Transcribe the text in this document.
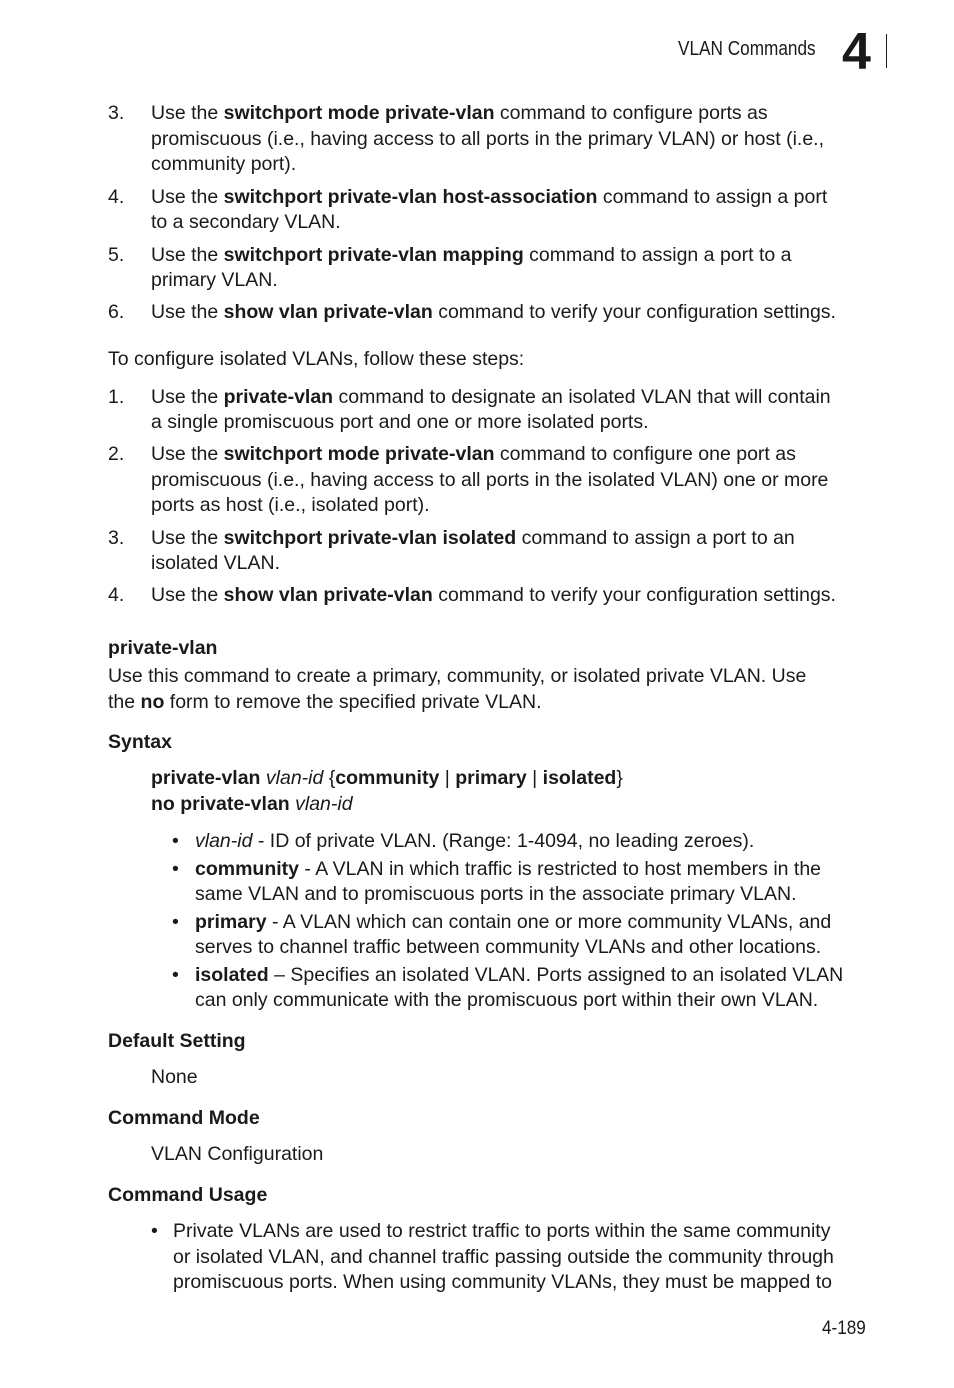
VLAN Commands 4
3. Use the switchport mode private-vlan command to configure ports as
promiscuous (i.e., having access to all ports in the primary VLAN) or host (i.e.,
community port).
4. Use the switchport private-vlan host-association command to assign a port
to a secondary VLAN.
5. Use the switchport private-vlan mapping command to assign a port to a
primary VLAN.
6. Use the show vlan private-vlan command to verify your configuration settings.
To configure isolated VLANs, follow these steps:
1. Use the private-vlan command to designate an isolated VLAN that will contain
a single promiscuous port and one or more isolated ports.
2. Use the switchport mode private-vlan command to configure one port as
promiscuous (i.e., having access to all ports in the isolated VLAN) one or more
ports as host (i.e., isolated port).
3. Use the switchport private-vlan isolated command to assign a port to an
isolated VLAN.
4. Use the show vlan private-vlan command to verify your configuration settings.
private-vlan
Use this command to create a primary, community, or isolated private VLAN. Use
the no form to remove the specified private VLAN.
Syntax
private-vlan vlan-id {community | primary | isolated}
no private-vlan vlan-id
• vlan-id - ID of private VLAN. (Range: 1-4094, no leading zeroes).
• community - A VLAN in which traffic is restricted to host members in the
same VLAN and to promiscuous ports in the associate primary VLAN.
• primary - A VLAN which can contain one or more community VLANs, and
serves to channel traffic between community VLANs and other locations.
• isolated – Specifies an isolated VLAN. Ports assigned to an isolated VLAN
can only communicate with the promiscuous port within their own VLAN.
Default Setting
None
Command Mode
VLAN Configuration
Command Usage
• Private VLANs are used to restrict traffic to ports within the same community
or isolated VLAN, and channel traffic passing outside the community through
promiscuous ports. When using community VLANs, they must be mapped to
4-189
